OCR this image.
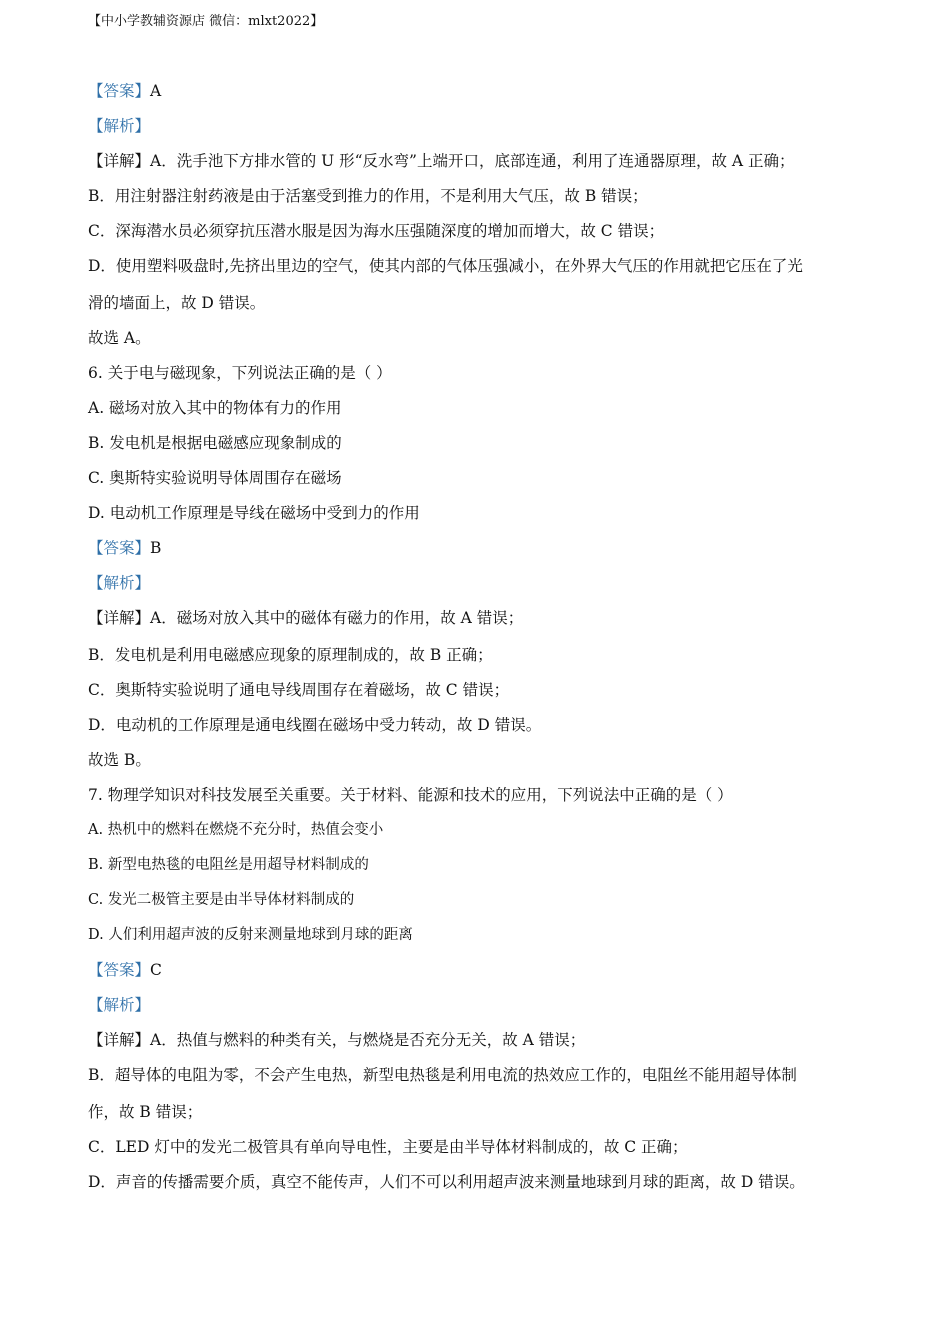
【中小学教辅资源店 微信：mlxt2022】
【答案】A
【解析】
【详解】A．洗手池下方排水管的 U 形“反水弯”上端开口，底部连通，利用了连通器原理，故 A 正确；
B．用注射器注射药液是由于活塞受到推力的作用，不是利用大气压，故 B 错误；
C．深海潜水员必须穿抗压潜水服是因为海水压强随深度的增加而增大，故 C 错误；
D．使用塑料吸盘时,先挤出里边的空气，使其内部的气体压强减小，在外界大气压的作用就把它压在了光
滑的墙面上，故 D 错误。
故选 A。
6. 关于电与磁现象，下列说法正确的是（ ）
A. 磁场对放入其中的物体有力的作用
B. 发电机是根据电磁感应现象制成的
C. 奥斯特实验说明导体周围存在磁场
D. 电动机工作原理是导线在磁场中受到力的作用
【答案】B
【解析】
【详解】A．磁场对放入其中的磁体有磁力的作用，故 A 错误；
B．发电机是利用电磁感应现象的原理制成的，故 B 正确；
C．奥斯特实验说明了通电导线周围存在着磁场，故 C 错误；
D．电动机的工作原理是通电线圈在磁场中受力转动，故 D 错误。
故选 B。
7. 物理学知识对科技发展至关重要。关于材料、能源和技术的应用，下列说法中正确的是（ ）
A. 热机中的燃料在燃烧不充分时，热值会变小
B. 新型电热毯的电阻丝是用超导材料制成的
C. 发光二极管主要是由半导体材料制成的
D. 人们利用超声波的反射来测量地球到月球的距离
【答案】C
【解析】
【详解】A．热值与燃料的种类有关，与燃烧是否充分无关，故 A 错误；
B．超导体的电阻为零，不会产生电热，新型电热毯是利用电流的热效应工作的，电阻丝不能用超导体制
作，故 B 错误；
C．LED 灯中的发光二极管具有单向导电性，主要是由半导体材料制成的，故 C 正确；
D．声音的传播需要介质，真空不能传声，人们不可以利用超声波来测量地球到月球的距离，故 D 错误。
